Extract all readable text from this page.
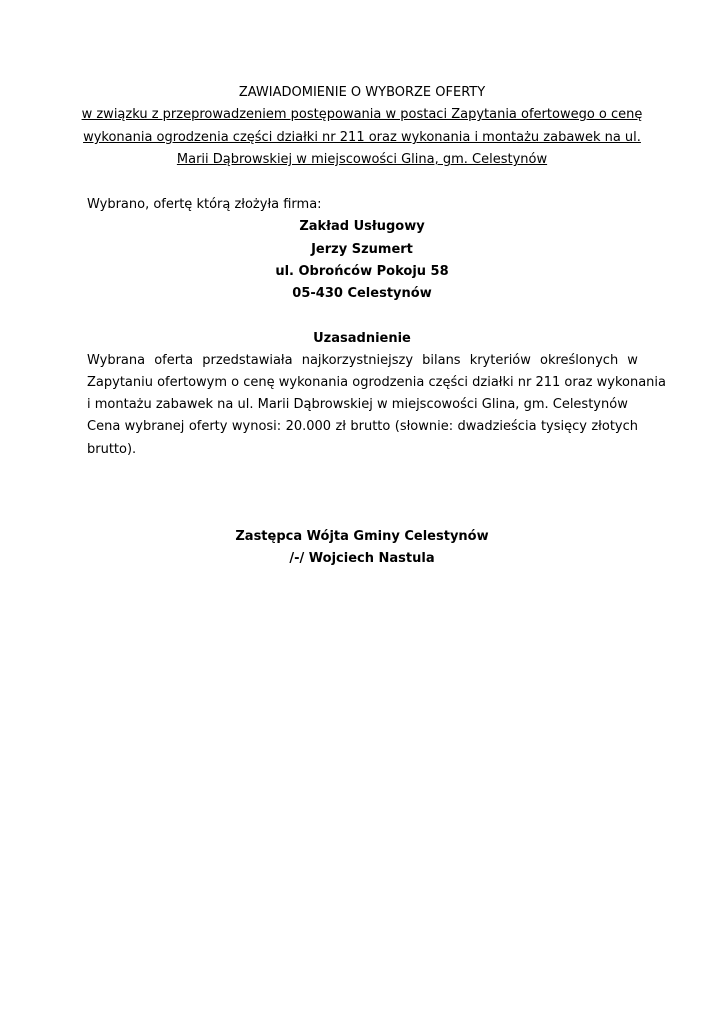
ZAWIADOMIENIE O WYBORZE OFERTY
w związku z przeprowadzeniem postępowania w postaci Zapytania ofertowego o cenę
wykonania ogrodzenia części działki nr 211 oraz wykonania i montażu zabawek na ul.
Marii Dąbrowskiej w miejscowości Glina, gm. Celestynów
Wybrano, ofertę którą złożyła firma:
Zakład Usługowy
Jerzy Szumert
ul. Obrońców Pokoju 58
05-430 Celestynów
Uzasadnienie
Wybrana oferta przedstawiała najkorzystniejszy bilans kryteriów określonych w
Zapytaniu ofertowym o cenę wykonania ogrodzenia części działki nr 211 oraz wykonania
i montażu zabawek na ul. Marii Dąbrowskiej w miejscowości Glina, gm. Celestynów
Cena wybranej oferty wynosi: 20.000 zł brutto (słownie: dwadzieścia tysięcy złotych
brutto).
Zastępca Wójta Gminy Celestynów
/-/ Wojciech Nastula
